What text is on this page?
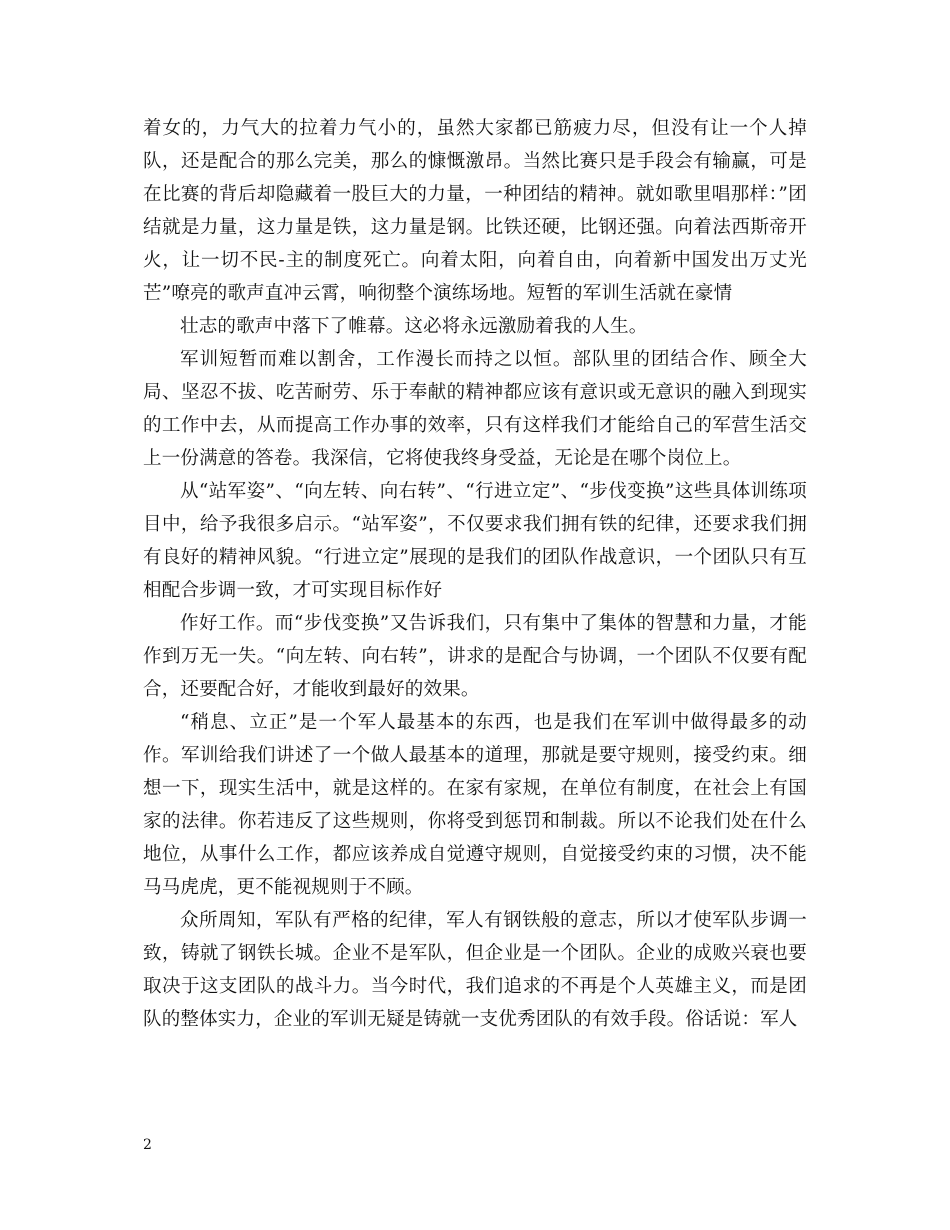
着女的，力气大的拉着力气小的，虽然大家都已筋疲力尽，但没有让一个人掉队，还是配合的那么完美，那么的慷慨激昂。当然比赛只是手段会有输赢，可是在比赛的背后却隐藏着一股巨大的力量，一种团结的精神。就如歌里唱那样：”团结就是力量，这力量是铁，这力量是钢。比铁还硬，比钢还强。向着法西斯帝开火，让一切不民-主的制度死亡。向着太阳，向着自由，向着新中国发出万丈光芒”嘹亮的歌声直冲云霄，响彻整个演练场地。短暂的军训生活就在豪情

壮志的歌声中落下了帷幕。这必将永远激励着我的人生。

军训短暂而难以割舍，工作漫长而持之以恒。部队里的团结合作、顾全大局、坚忍不拔、吃苦耐劳、乐于奉献的精神都应该有意识或无意识的融入到现实的工作中去，从而提高工作办事的效率，只有这样我们才能给自己的军营生活交上一份满意的答卷。我深信，它将使我终身受益，无论是在哪个岗位上。

从“站军姿”、“向左转、向右转”、“行进立定”、“步伐变换”这些具体训练项目中，给予我很多启示。“站军姿”，不仅要求我们拥有铁的纪律，还要求我们拥有良好的精神风貌。“行进立定”展现的是我们的团队作战意识，一个团队只有互相配合步调一致，才可实现目标作好

作好工作。而“步伐变换”又告诉我们，只有集中了集体的智慧和力量，才能作到万无一失。“向左转、向右转”，讲求的是配合与协调，一个团队不仅要有配合，还要配合好，才能收到最好的效果。

“稍息、立正”是一个军人最基本的东西，也是我们在军训中做得最多的动作。军训给我们讲述了一个做人最基本的道理，那就是要守规则，接受约束。细想一下，现实生活中，就是这样的。在家有家规，在单位有制度，在社会上有国家的法律。你若违反了这些规则，你将受到惩罚和制裁。所以不论我们处在什么地位，从事什么工作，都应该养成自觉遵守规则，自觉接受约束的习惯，决不能马马虎虎，更不能视规则于不顾。

众所周知，军队有严格的纪律，军人有钢铁般的意志，所以才使军队步调一致，铸就了钢铁长城。企业不是军队，但企业是一个团队。企业的成败兴衰也要取决于这支团队的战斗力。当今时代，我们追求的不再是个人英雄主义，而是团队的整体实力，企业的军训无疑是铸就一支优秀团队的有效手段。俗话说：军人

2
